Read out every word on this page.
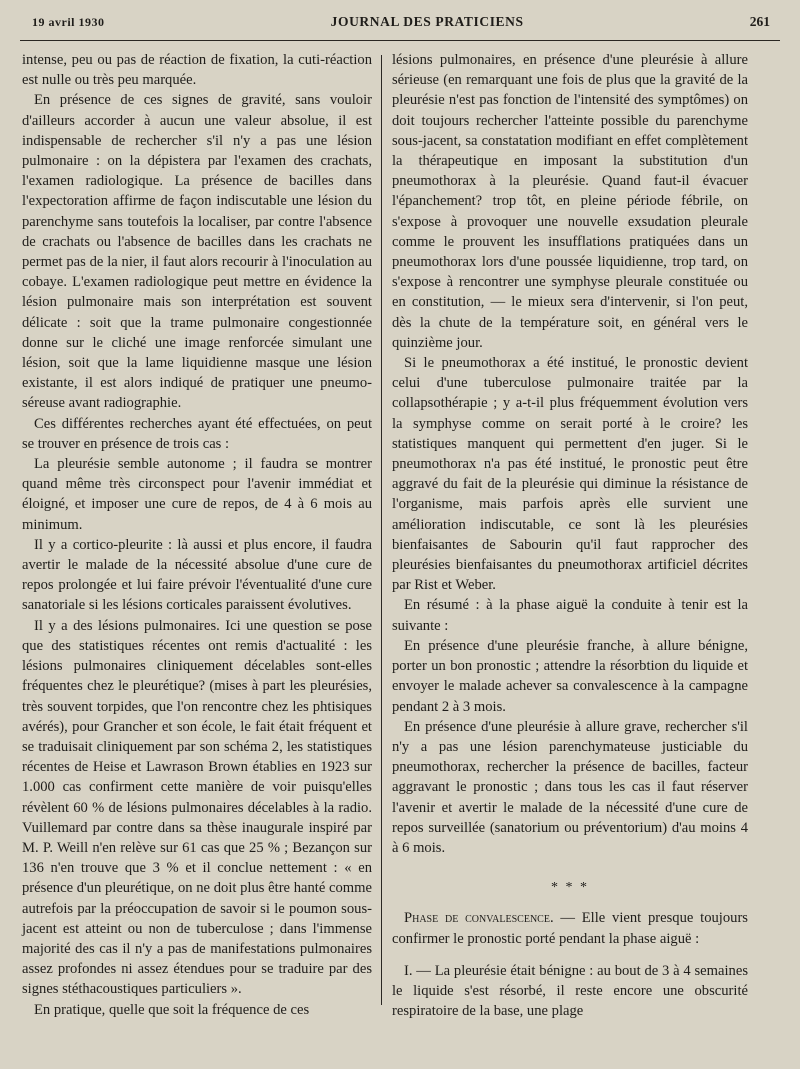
19 avril 1930	JOURNAL DES PRATICIENS	261

intense, peu ou pas de réaction de fixation, la cuti-réaction est nulle ou très peu marquée.

En présence de ces signes de gravité, sans vouloir d'ailleurs accorder à aucun une valeur absolue, il est indispensable de rechercher s'il n'y a pas une lésion pulmonaire : on la dépistera par l'examen des crachats, l'examen radiologique. La présence de bacilles dans l'expectoration affirme de façon indiscutable une lésion du parenchyme sans toutefois la localiser, par contre l'absence de crachats ou l'absence de bacilles dans les crachats ne permet pas de la nier, il faut alors recourir à l'inoculation au cobaye. L'examen radiologique peut mettre en évidence la lésion pulmonaire mais son interprétation est souvent délicate : soit que la trame pulmonaire congestionnée donne sur le cliché une image renforcée simulant une lésion, soit que la lame liquidienne masque une lésion existante, il est alors indiqué de pratiquer une pneumo-séreuse avant radiographie.

Ces différentes recherches ayant été effectuées, on peut se trouver en présence de trois cas :

La pleurésie semble autonome ; il faudra se montrer quand même très circonspect pour l'avenir immédiat et éloigné, et imposer une cure de repos, de 4 à 6 mois au minimum.

Il y a cortico-pleurite : là aussi et plus encore, il faudra avertir le malade de la nécessité absolue d'une cure de repos prolongée et lui faire prévoir l'éventualité d'une cure sanatoriale si les lésions corticales paraissent évolutives.

Il y a des lésions pulmonaires. Ici une question se pose que des statistiques récentes ont remis d'actualité : les lésions pulmonaires cliniquement décelables sont-elles fréquentes chez le pleurétique? (mises à part les pleurésies, très souvent torpides, que l'on rencontre chez les phtisiques avérés), pour Grancher et son école, le fait était fréquent et se traduisait cliniquement par son schéma 2, les statistiques récentes de Heise et Lawrason Brown établies en 1923 sur 1.000 cas confirment cette manière de voir puisqu'elles révèlent 60 % de lésions pulmonaires décelables à la radio. Vuillemard par contre dans sa thèse inaugurale inspiré par M. P. Weill n'en relève sur 61 cas que 25 % ; Bezançon sur 136 n'en trouve que 3 % et il conclue nettement : « en présence d'un pleurétique, on ne doit plus être hanté comme autrefois par la préoccupation de savoir si le poumon sous-jacent est atteint ou non de tuberculose ; dans l'immense majorité des cas il n'y a pas de manifestations pulmonaires assez profondes ni assez étendues pour se traduire par des signes stéthacoustiques particuliers ».

En pratique, quelle que soit la fréquence de ces

lésions pulmonaires, en présence d'une pleurésie à allure sérieuse (en remarquant une fois de plus que la gravité de la pleurésie n'est pas fonction de l'intensité des symptômes) on doit toujours rechercher l'atteinte possible du parenchyme sous-jacent, sa constatation modifiant en effet complètement la thérapeutique en imposant la substitution d'un pneumothorax à la pleurésie. Quand faut-il évacuer l'épanchement? trop tôt, en pleine période fébrile, on s'expose à provoquer une nouvelle exsudation pleurale comme le prouvent les insufflations pratiquées dans un pneumothorax lors d'une poussée liquidienne, trop tard, on s'expose à rencontrer une symphyse pleurale constituée ou en constitution, — le mieux sera d'intervenir, si l'on peut, dès la chute de la température soit, en général vers le quinzième jour.

Si le pneumothorax a été institué, le pronostic devient celui d'une tuberculose pulmonaire traitée par la collapsothérapie ; y a-t-il plus fréquemment évolution vers la symphyse comme on serait porté à le croire? les statistiques manquent qui permettent d'en juger. Si le pneumothorax n'a pas été institué, le pronostic peut être aggravé du fait de la pleurésie qui diminue la résistance de l'organisme, mais parfois après elle survient une amélioration indiscutable, ce sont là les pleurésies bienfaisantes de Sabourin qu'il faut rapprocher des pleurésies bienfaisantes du pneumothorax artificiel décrites par Rist et Weber.

En résumé : à la phase aiguë la conduite à tenir est la suivante :

En présence d'une pleurésie franche, à allure bénigne, porter un bon pronostic ; attendre la résorbtion du liquide et envoyer le malade achever sa convalescence à la campagne pendant 2 à 3 mois.

En présence d'une pleurésie à allure grave, rechercher s'il n'y a pas une lésion parenchymateuse justiciable du pneumothorax, rechercher la présence de bacilles, facteur aggravant le pronostic ; dans tous les cas il faut réserver l'avenir et avertir le malade de la nécessité d'une cure de repos surveillée (sanatorium ou préventorium) d'au moins 4 à 6 mois.

* * *

Phase de convalescence. — Elle vient presque toujours confirmer le pronostic porté pendant la phase aiguë :

I. — La pleurésie était bénigne : au bout de 3 à 4 semaines le liquide s'est résorbé, il reste encore une obscurité respiratoire de la base, une plage
